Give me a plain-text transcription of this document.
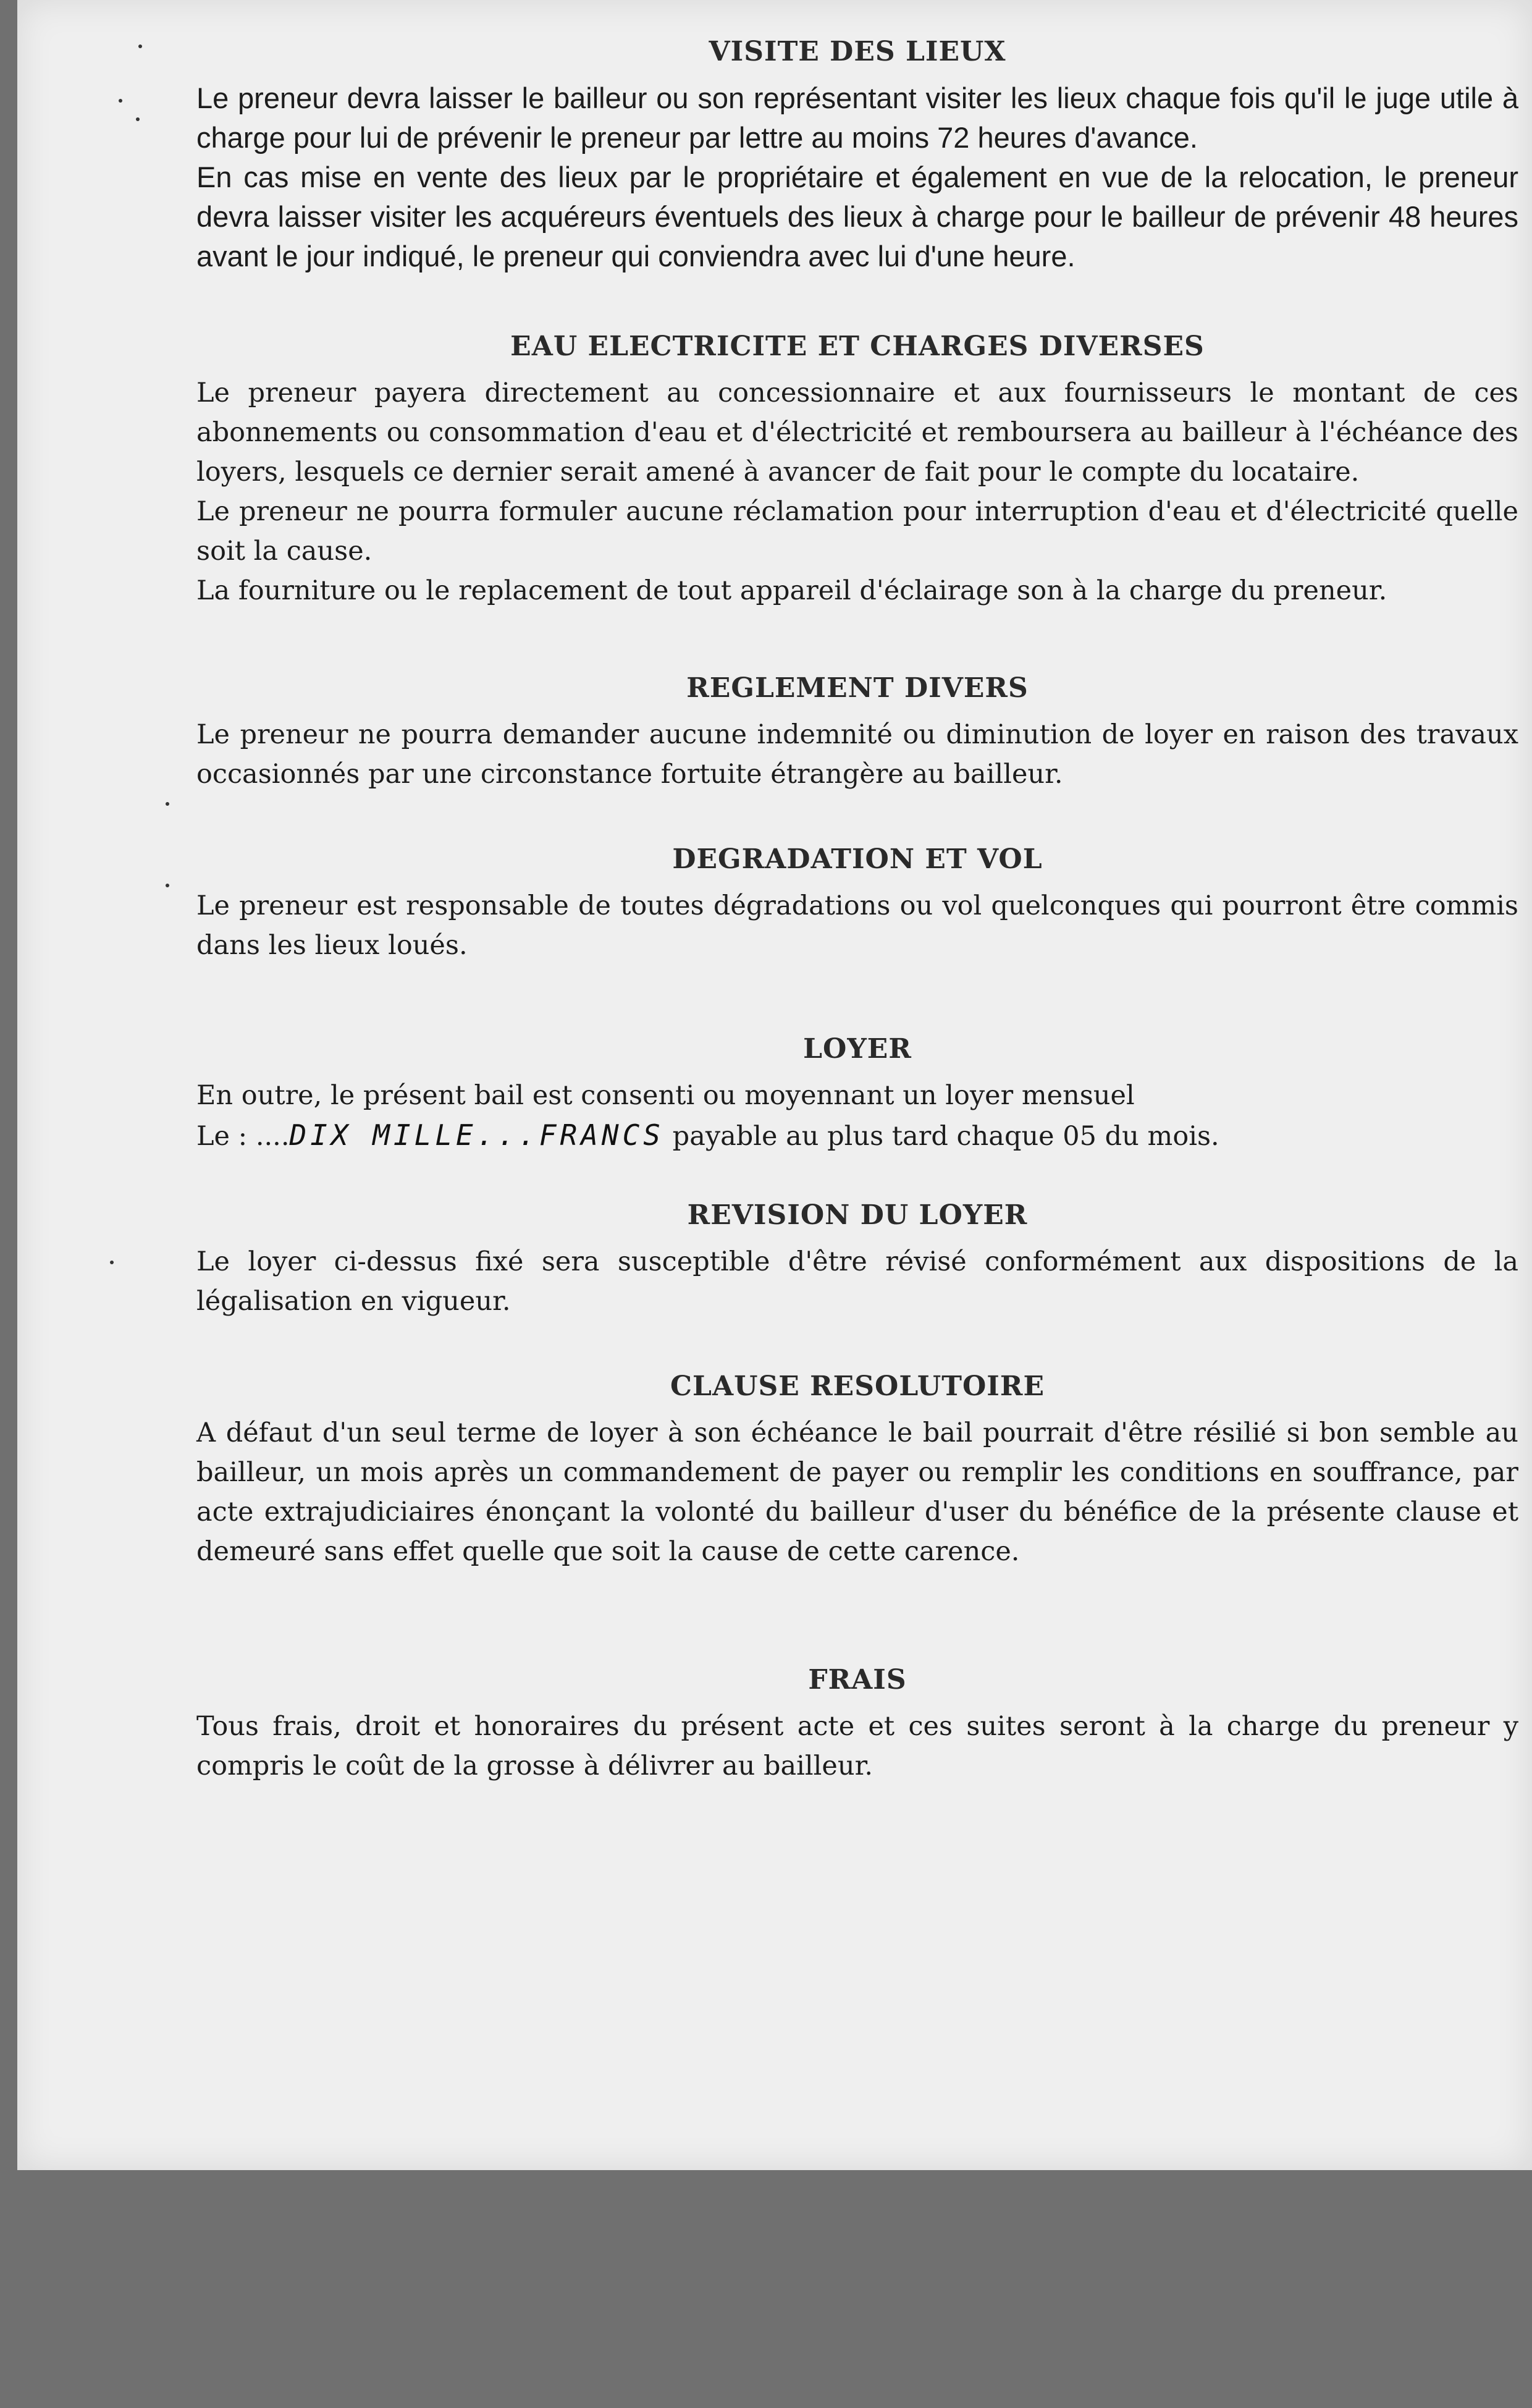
VISITE DES LIEUX

Le preneur devra laisser le bailleur ou son représentant visiter les lieux chaque fois qu'il le juge utile à charge pour lui de prévenir le preneur par lettre au moins 72 heures d'avance.

En cas mise en vente des lieux par le propriétaire et également en vue de la relocation, le preneur devra laisser visiter les acquéreurs éventuels des lieux à charge pour le bailleur de prévenir 48 heures avant le jour indiqué, le preneur qui conviendra avec lui d'une heure.

EAU ELECTRICITE ET CHARGES DIVERSES

Le preneur payera directement au concessionnaire et aux fournisseurs le montant de ces abonnements ou consommation d'eau et d'électricité et remboursera au bailleur à l'échéance des loyers, lesquels ce dernier serait amené à avancer de fait pour le compte du locataire.

Le preneur ne pourra formuler aucune réclamation pour interruption d'eau et d'électricité quelle soit la cause.

La fourniture ou le replacement de tout appareil d'éclairage son à la charge du preneur.

REGLEMENT DIVERS

Le preneur ne pourra demander aucune indemnité ou diminution de loyer en raison des travaux occasionnés par une circonstance fortuite étrangère au bailleur.

DEGRADATION ET VOL

Le preneur est responsable de toutes dégradations ou vol quelconques qui pourront être commis dans les lieux loués.

LOYER

En outre, le présent bail est consenti ou moyennant un loyer mensuel

Le : ....DIX MILLE...FRANCS payable au plus tard chaque 05 du mois.

REVISION DU LOYER

Le loyer ci-dessus fixé sera susceptible d'être révisé conformément aux dispositions de la légalisation en vigueur.

CLAUSE RESOLUTOIRE

A défaut d'un seul terme de loyer à son échéance le bail pourrait d'être résilié si bon semble au bailleur, un mois après un commandement de payer ou remplir les conditions en souffrance, par acte extrajudiciaires énonçant la volonté du bailleur d'user du bénéfice de la présente clause et demeuré sans effet quelle que soit la cause de cette carence.

FRAIS

Tous frais, droit et honoraires du présent acte et ces suites seront à la charge du preneur y compris le coût de la grosse à délivrer au bailleur.
